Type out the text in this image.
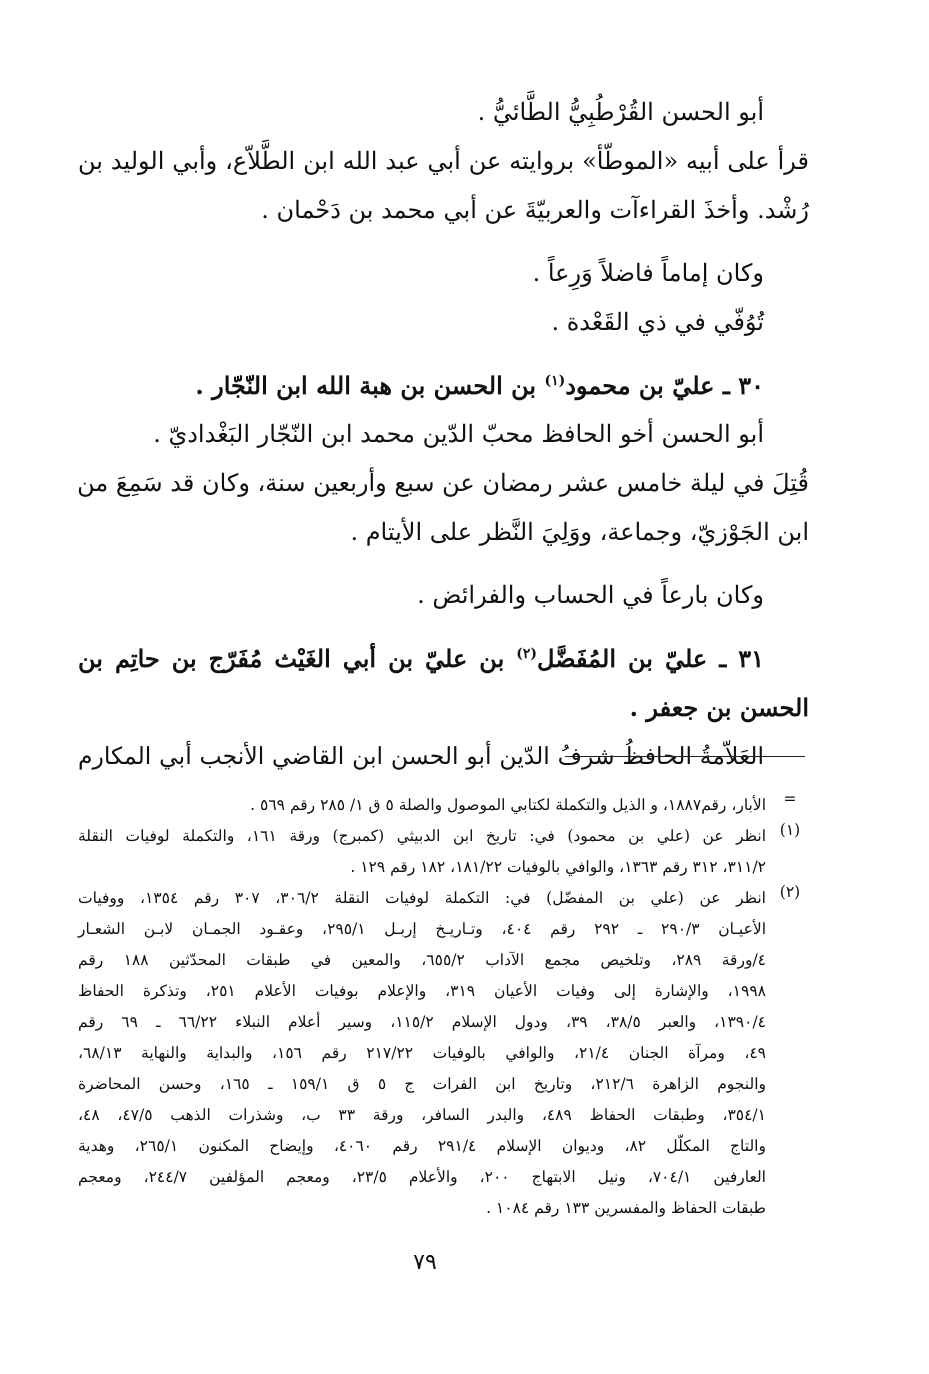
أبو الحسن القُرْطُبِيُّ الطَّائيُّ .
قرأ على أبيه «الموطّأ» بروايته عن أبي عبد الله ابن الطَّلاّع، وأبي الوليد بن
رُشْد. وأخذَ القراءآت والعربيّةَ عن أبي محمد بن دَحْمان .
وكان إماماً فاضلاً وَرِعاً .
تُوُفّي في ذي القَعْدة .
٣٠ ـ عليّ بن محمود$^{(١)}$ بن الحسن بن هبة الله ابن النّجّار .
أبو الحسن أخو الحافظ محبّ الدّين محمد ابن النّجّار البَغْداديّ .
قُتِلَ في ليلة خامس عشر رمضان عن سبع وأربعين سنة، وكان قد سَمِعَ من
ابن الجَوْزيّ، وجماعة، ووَلِيَ النَّظر على الأيتام .
وكان بارعاً في الحساب والفرائض .
٣١ ـ عليّ بن المُفَضَّل$^{(٢)}$ بن عليّ بن أبي الغَيْث مُفَرّج بن حاتِم بن
الحسن بن جعفر .
العَلاّمةُ الحافظُ شرفُ الدّين أبو الحسن ابن القاضي الأنجب أبي المكارم
=
الأبار، رقم١٨٨٧، و الذيل والتكملة لكتابي الموصول والصلة ٥ ق ١/ ٢٨٥ رقم ٥٦٩ .
(١)
انظر عن (علي بن محمود) في: تاريخ ابن الدبيثي (كمبرج) ورقة ١٦١، والتكملة لوفيات النقلة
٣١١/٢، ٣١٢ رقم ١٣٦٣، والوافي بالوفيات ١٨١/٢٢، ١٨٢ رقم ١٢٩ .
(٢)
انظر عن (علي بن المفضّل) في: التكملة لوفيات النقلة ٣٠٦/٢، ٣٠٧ رقم ١٣٥٤، ووفيات
الأعيـان ٢٩٠/٣ ـ ٢٩٢ رقم ٤٠٤، وتـاريـخ إربـل ٢٩٥/١، وعقـود الجمـان لابـن الشعـار
٤/ورقة ٢٨٩، وتلخيص مجمع الآداب ٦٥٥/٢، والمعين في طبقات المحدّثين ١٨٨ رقم
١٩٩٨، والإشارة إلى وفيات الأعيان ٣١٩، والإعلام بوفيات الأعلام ٢٥١، وتذكرة الحفاظ
١٣٩٠/٤، والعبر ٣٨/٥، ٣٩، ودول الإسلام ١١٥/٢، وسير أعلام النبلاء ٦٦/٢٢ ـ ٦٩ رقم
٤٩، ومرآة الجنان ٢١/٤، والوافي بالوفيات ٢١٧/٢٢ رقم ١٥٦، والبداية والنهاية ٦٨/١٣،
والنجوم الزاهرة ٢١٢/٦، وتاريخ ابن الفرات ج ٥ ق ١٥٩/١ ـ ١٦٥، وحسن المحاضرة
٣٥٤/١، وطبقات الحفاظ ٤٨٩، والبدر السافر، ورقة ٣٣ ب، وشذرات الذهب ٤٧/٥، ٤٨،
والتاج المكلّل ٨٢، وديوان الإسلام ٢٩١/٤ رقم ٤٠٦٠، وإيضاح المكنون ٢٦٥/١، وهدية
العارفين ٧٠٤/١، ونيل الابتهاج ٢٠٠، والأعلام ٢٣/٥، ومعجم المؤلفين ٢٤٤/٧، ومعجم
طبقات الحفاظ والمفسرين ١٣٣ رقم ١٠٨٤ .
٧٩
